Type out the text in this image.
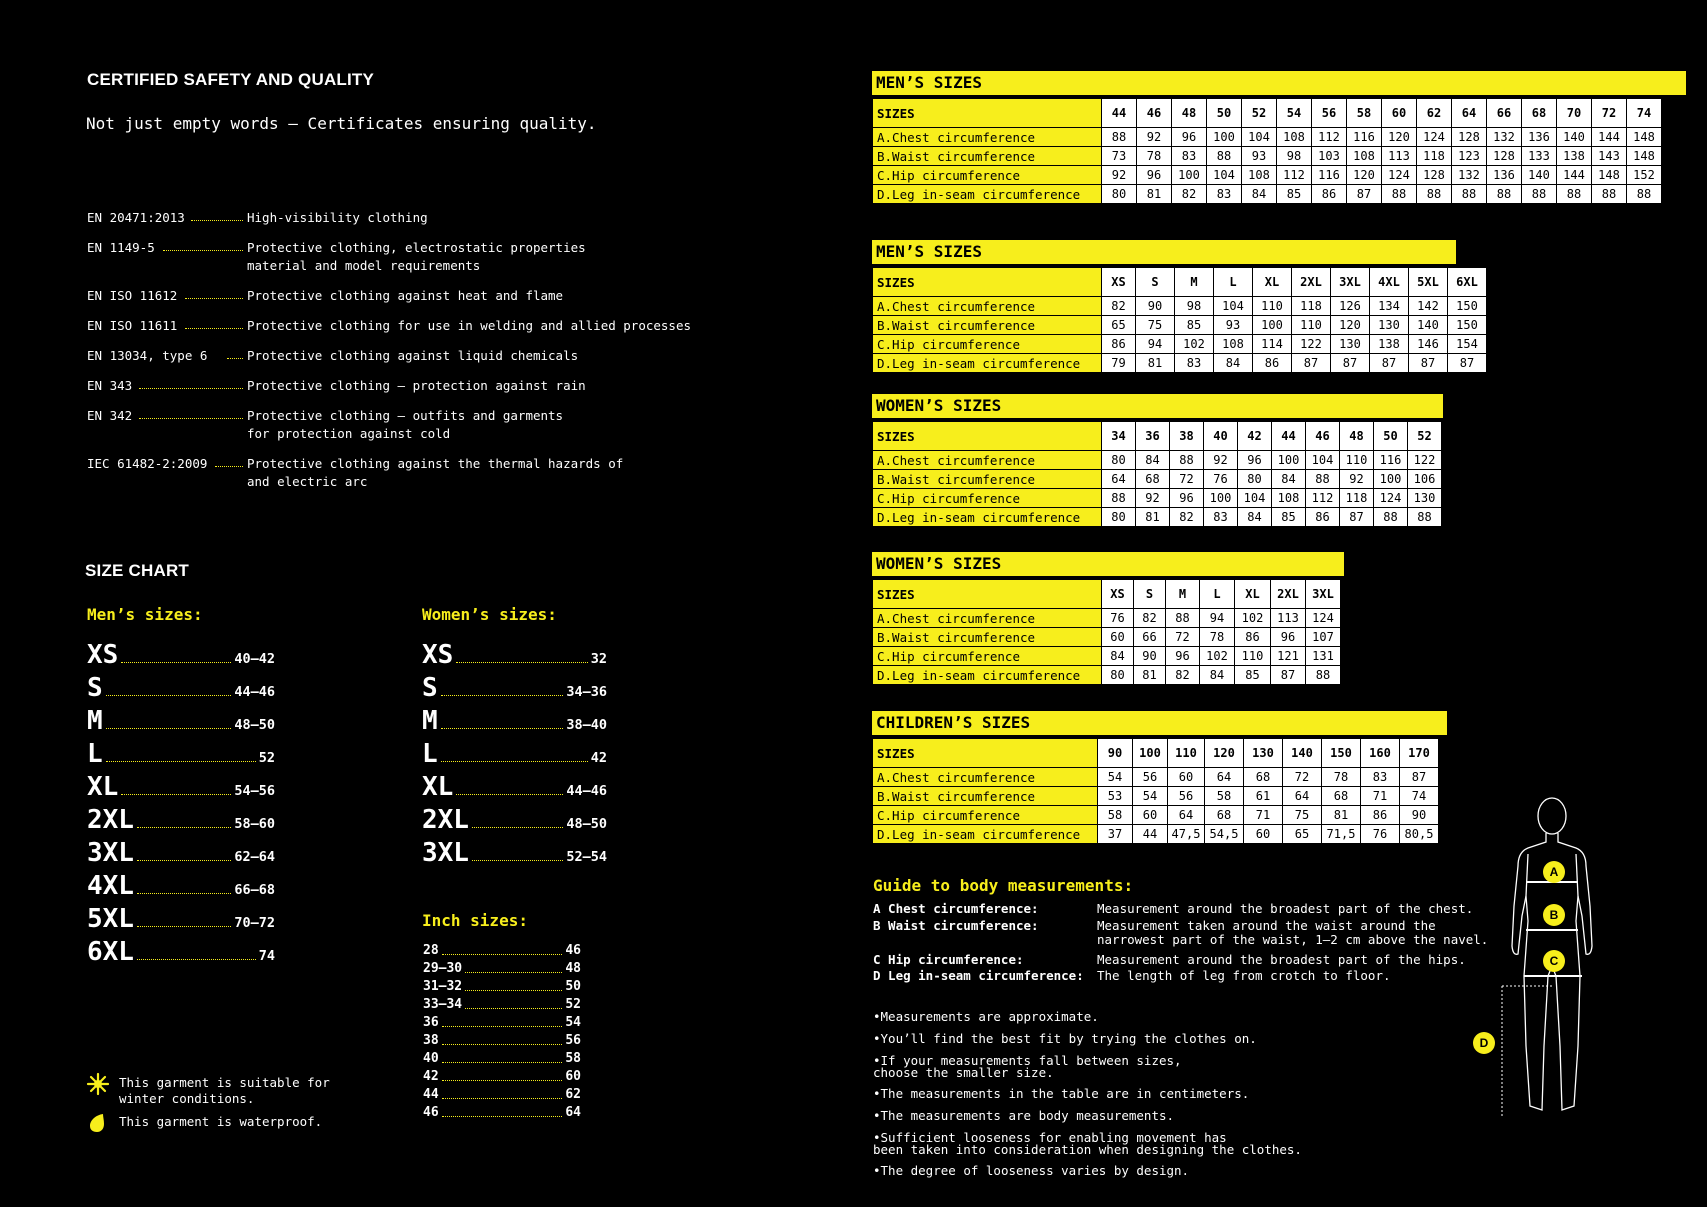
CERTIFIED SAFETY AND QUALITY
Not just empty words – Certificates ensuring quality.
EN 20471:2013	High-visibility clothing
EN 1149-5	Protective clothing, electrostatic properties
material and model requirements
EN ISO 11612	Protective clothing against heat and flame
EN ISO 11611	Protective clothing for use in welding and allied processes
EN 13034, type 6	Protective clothing against liquid chemicals
EN 343	Protective clothing – protection against rain
EN 342	Protective clothing – outfits and garments
for protection against cold
IEC 61482-2:2009	Protective clothing against the thermal hazards of
and electric arc
SIZE CHART
Men’s sizes:	Women’s sizes:
XS	40–42
S	44–46
M	48–50
L	52
XL	54–56
2XL	58–60
3XL	62–64
4XL	66–68
5XL	70–72
6XL	74
XS	32
S	34–36
M	38–40
L	42
XL	44–46
2XL	48–50
3XL	52–54
Inch sizes:
28	46
29–30	48
31–32	50
33–34	52
36	54
38	56
40	58
42	60
44	62
46	64
This garment is suitable for
winter conditions.
This garment is waterproof.
MEN’S SIZES
SIZES	44	46	48	50	52	54	56	58	60	62	64	66	68	70	72	74
A.Chest circumference	88	92	96	100	104	108	112	116	120	124	128	132	136	140	144	148
B.Waist circumference	73	78	83	88	93	98	103	108	113	118	123	128	133	138	143	148
C.Hip circumference	92	96	100	104	108	112	116	120	124	128	132	136	140	144	148	152
D.Leg in-seam circumference	80	81	82	83	84	85	86	87	88	88	88	88	88	88	88	88
MEN’S SIZES
SIZES	XS	S	M	L	XL	2XL	3XL	4XL	5XL	6XL
A.Chest circumference	82	90	98	104	110	118	126	134	142	150
B.Waist circumference	65	75	85	93	100	110	120	130	140	150
C.Hip circumference	86	94	102	108	114	122	130	138	146	154
D.Leg in-seam circumference	79	81	83	84	86	87	87	87	87	87
WOMEN’S SIZES
SIZES	34	36	38	40	42	44	46	48	50	52
A.Chest circumference	80	84	88	92	96	100	104	110	116	122
B.Waist circumference	64	68	72	76	80	84	88	92	100	106
C.Hip circumference	88	92	96	100	104	108	112	118	124	130
D.Leg in-seam circumference	80	81	82	83	84	85	86	87	88	88
WOMEN’S SIZES
SIZES	XS	S	M	L	XL	2XL	3XL
A.Chest circumference	76	82	88	94	102	113	124
B.Waist circumference	60	66	72	78	86	96	107
C.Hip circumference	84	90	96	102	110	121	131
D.Leg in-seam circumference	80	81	82	84	85	87	88
CHILDREN’S SIZES
SIZES	90	100	110	120	130	140	150	160	170
A.Chest circumference	54	56	60	64	68	72	78	83	87
B.Waist circumference	53	54	56	58	61	64	68	71	74
C.Hip circumference	58	60	64	68	71	75	81	86	90
D.Leg in-seam circumference	37	44	47,5	54,5	60	65	71,5	76	80,5
Guide to body measurements:
A Chest circumference:	Measurement around the broadest part of the chest.
B Waist circumference:	Measurement taken around the waist around the
narrowest part of the waist, 1–2 cm above the navel.
C Hip circumference:	Measurement around the broadest part of the hips.
D Leg in-seam circumference: The length of leg from crotch to floor.
•Measurements are approximate.
•You’ll find the best fit by trying the clothes on.
•If your measurements fall between sizes,
choose the smaller size.
•The measurements in the table are in centimeters.
•The measurements are body measurements.
•Sufficient looseness for enabling movement has
been taken into consideration when designing the clothes.
•The degree of looseness varies by design.
A
B
C
D
